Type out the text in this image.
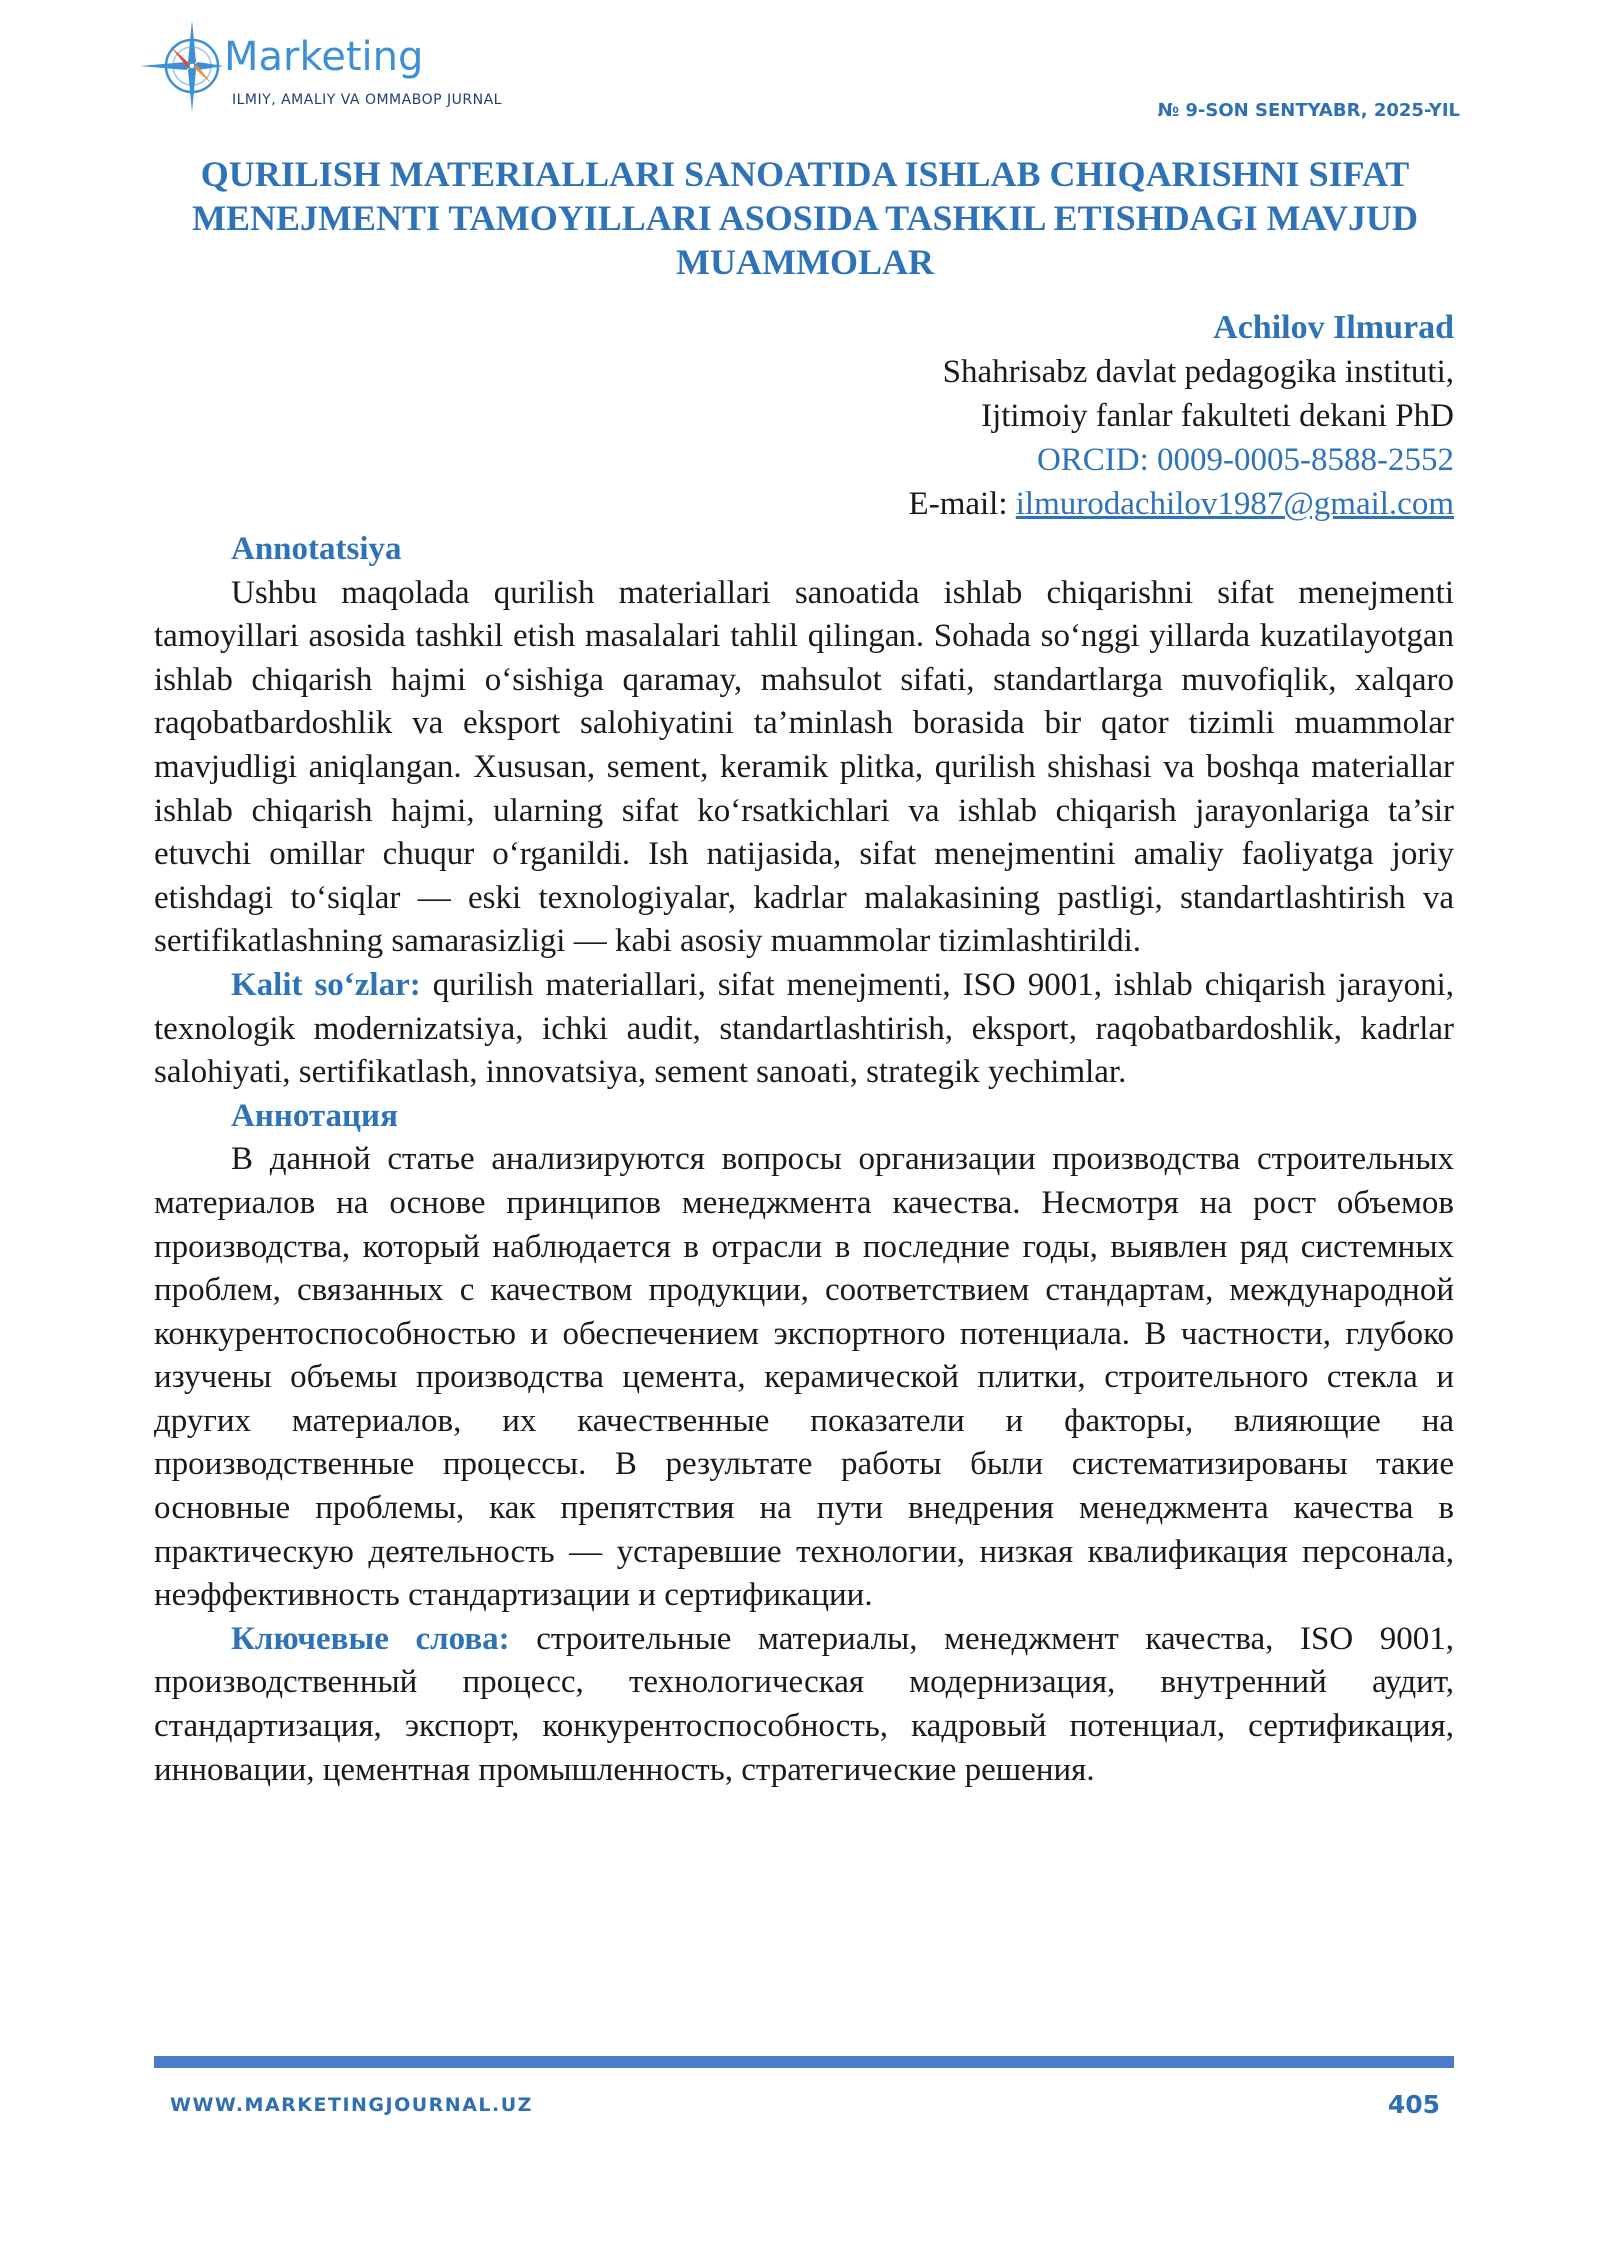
Marketing
ILMIY, AMALIY VA OMMABOP JURNAL	№ 9-SON SENTYABR, 2025-YIL
QURILISH MATERIALLARI SANOATIDA ISHLAB CHIQARISHNI SIFAT MENEJMENTI TAMOYILLARI ASOSIDA TASHKIL ETISHDAGI MAVJUD MUAMMOLAR
Achilov Ilmurad
Shahrisabz davlat pedagogika instituti,
Ijtimoiy fanlar fakulteti dekani PhD
ORCID: 0009-0005-8588-2552
E-mail: ilmurodachilov1987@gmail.com

Annotatsiya

Ushbu maqolada qurilish materiallari sanoatida ishlab chiqarishni sifat menejmenti tamoyillari asosida tashkil etish masalalari tahlil qilingan. Sohada so‘nggi yillarda kuzatilayotgan ishlab chiqarish hajmi o‘sishiga qaramay, mahsulot sifati, standartlarga muvofiqlik, xalqaro raqobatbardoshlik va eksport salohiyatini ta’minlash borasida bir qator tizimli muammolar mavjudligi aniqlangan. Xususan, sement, keramik plitka, qurilish shishasi va boshqa materiallar ishlab chiqarish hajmi, ularning sifat ko‘rsatkichlari va ishlab chiqarish jarayonlariga ta’sir etuvchi omillar chuqur o‘rganildi. Ish natijasida, sifat menejmentini amaliy faoliyatga joriy etishdagi to‘siqlar — eski texnologiyalar, kadrlar malakasining pastligi, standartlashtirish va sertifikatlashning samarasizligi — kabi asosiy muammolar tizimlashtirildi.

Kalit so‘zlar: qurilish materiallari, sifat menejmenti, ISO 9001, ishlab chiqarish jarayoni, texnologik modernizatsiya, ichki audit, standartlashtirish, eksport, raqobatbardoshlik, kadrlar salohiyati, sertifikatlash, innovatsiya, sement sanoati, strategik yechimlar.

Аннотация

В данной статье анализируются вопросы организации производства строительных материалов на основе принципов менеджмента качества. Несмотря на рост объемов производства, который наблюдается в отрасли в последние годы, выявлен ряд системных проблем, связанных с качеством продукции, соответствием стандартам, международной конкурентоспособностью и обеспечением экспортного потенциала. В частности, глубоко изучены объемы производства цемента, керамической плитки, строительного стекла и других материалов, их качественные показатели и факторы, влияющие на производственные процессы. В результате работы были систематизированы такие основные проблемы, как препятствия на пути внедрения менеджмента качества в практическую деятельность — устаревшие технологии, низкая квалификация персонала, неэффективность стандартизации и сертификации.

Ключевые слова: строительные материалы, менеджмент качества, ISO 9001, производственный процесс, технологическая модернизация, внутренний аудит, стандартизация, экспорт, конкурентоспособность, кадровый потенциал, сертификация, инновации, цементная промышленность, стратегические решения.

WWW.MARKETINGJOURNAL.UZ	405
